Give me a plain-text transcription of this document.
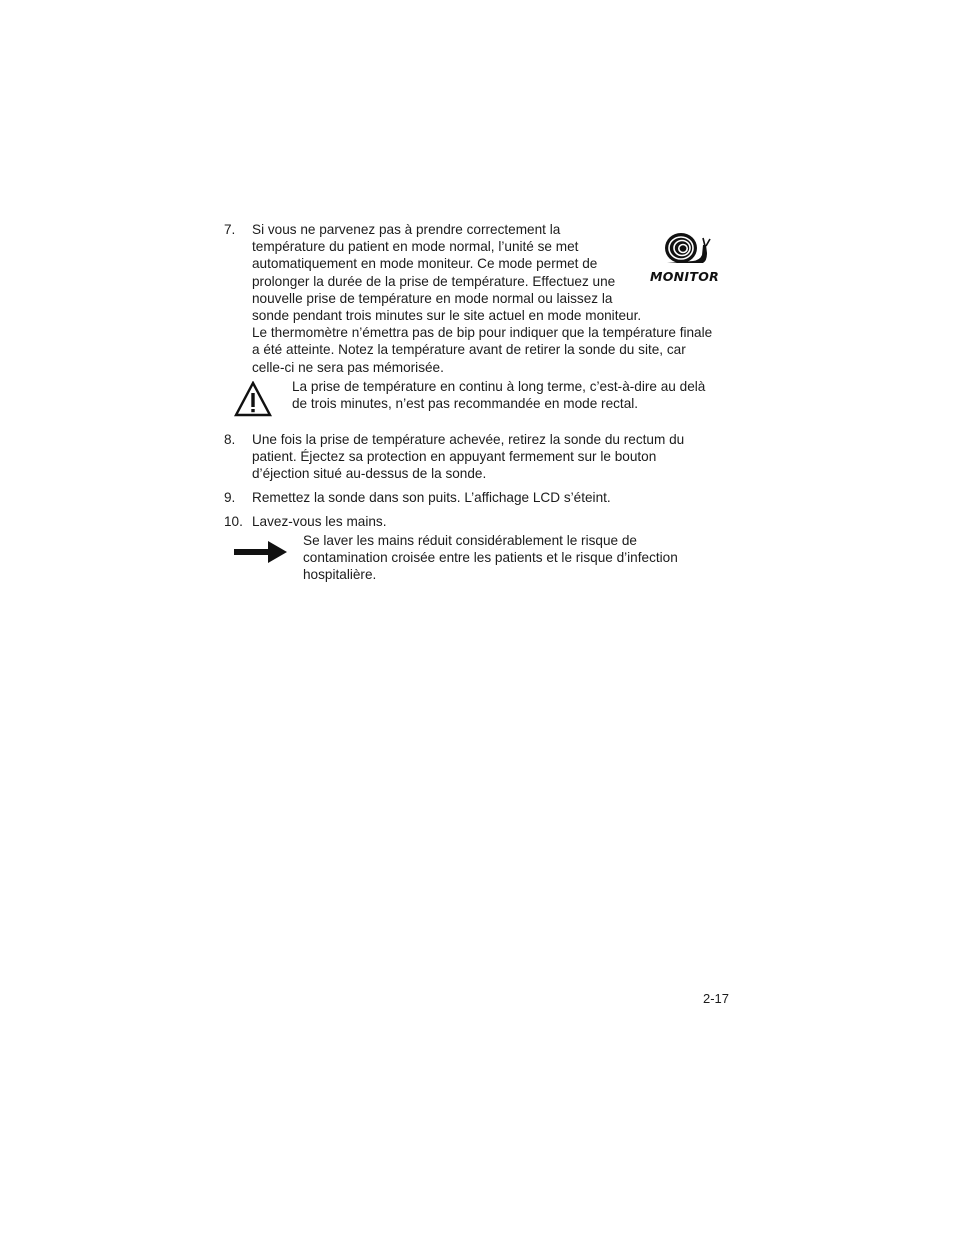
7. Si vous ne parvenez pas à prendre correctement la
température du patient en mode normal, l’unité se met
automatiquement en mode moniteur. Ce mode permet de
prolonger la durée de la prise de température. Effectuez une
nouvelle prise de température en mode normal ou laissez la
sonde pendant trois minutes sur le site actuel en mode moniteur.
Le thermomètre n’émettra pas de bip pour indiquer que la température finale
a été atteinte. Notez la température avant de retirer la sonde du site, car
celle-ci ne sera pas mémorisée.
MONITOR
La prise de température en continu à long terme, c’est-à-dire au delà
de trois minutes, n’est pas recommandée en mode rectal.
8. Une fois la prise de température achevée, retirez la sonde du rectum du
patient. Éjectez sa protection en appuyant fermement sur le bouton
d’éjection situé au-dessus de la sonde.
9. Remettez la sonde dans son puits. L’affichage LCD s’éteint.
10. Lavez-vous les mains.
Se laver les mains réduit considérablement le risque de
contamination croisée entre les patients et le risque d’infection
hospitalière.
2-17
